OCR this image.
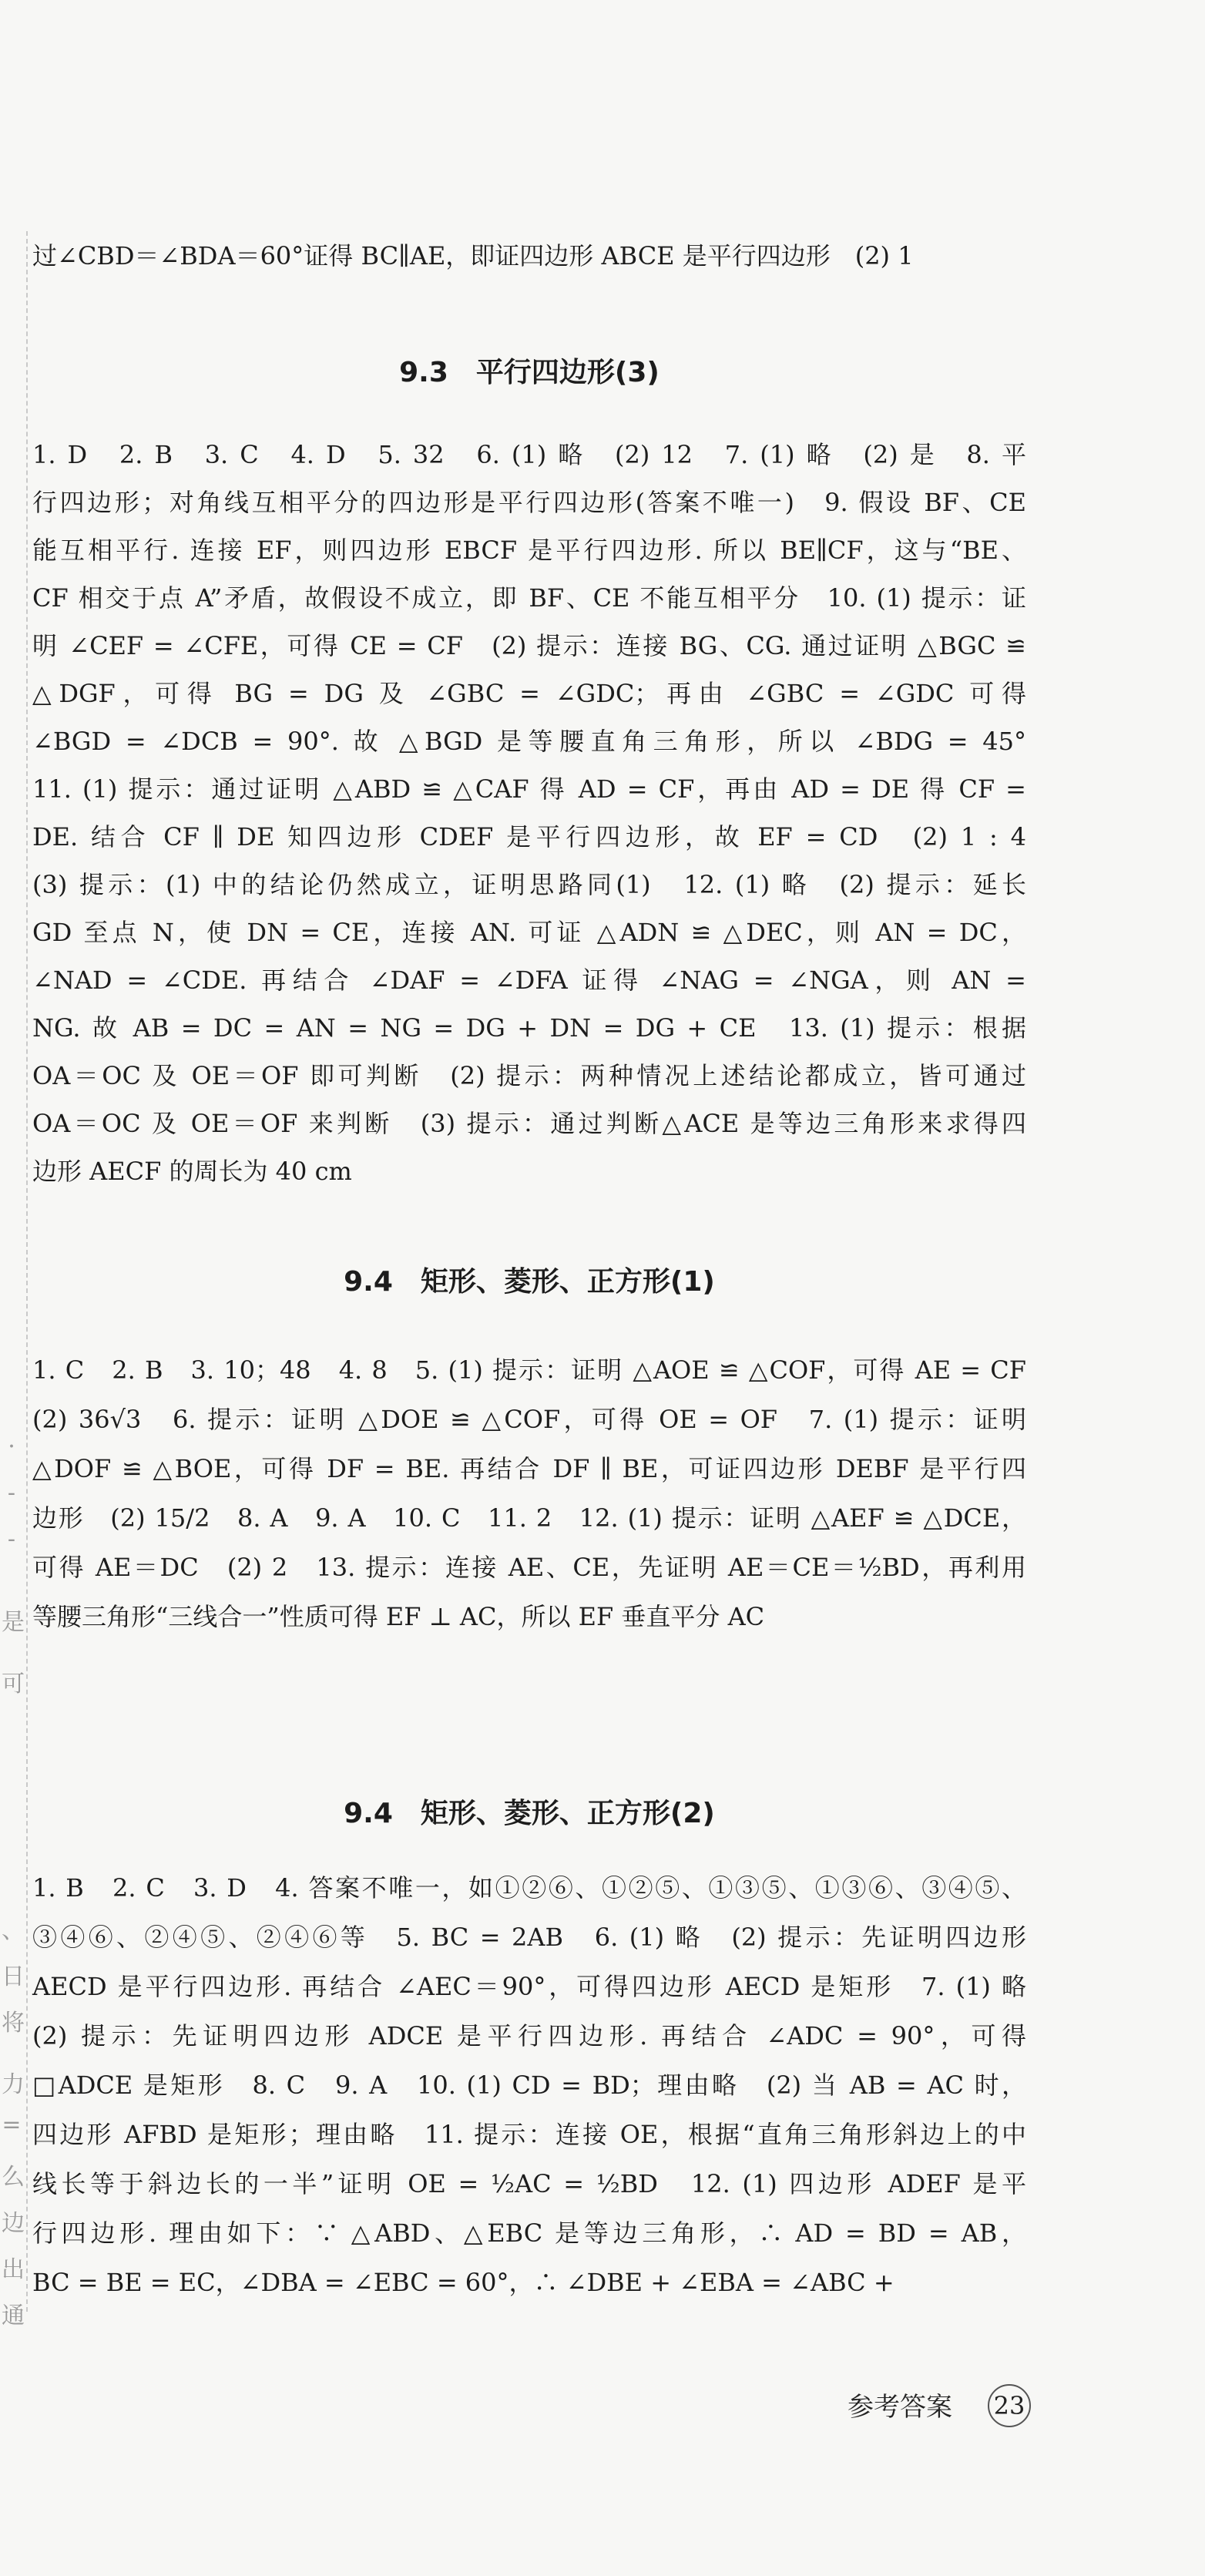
·
-
-
是
可
、
日
将
力
=
么
边
出
通
过∠CBD＝∠BDA＝60°证得 BC∥AE，即证四边形 ABCE 是平行四边形　(2) 1
9.3　平行四边形(3)
1. D　2. B　3. C　4. D　5. 32　6. (1) 略　(2) 12　7. (1) 略　(2) 是　8. 平
行四边形；对角线互相平分的四边形是平行四边形(答案不唯一)　9. 假设 BF、CE
能互相平行. 连接 EF，则四边形 EBCF 是平行四边形. 所以 BE∥CF，这与“BE、
CF 相交于点 A”矛盾，故假设不成立，即 BF、CE 不能互相平分　10. (1) 提示：证
明 ∠CEF = ∠CFE，可得 CE = CF　(2) 提示：连接 BG、CG. 通过证明 △BGC ≌
△DGF，可得 BG = DG 及 ∠GBC = ∠GDC；再由 ∠GBC = ∠GDC 可得
∠BGD = ∠DCB = 90°. 故 △BGD 是等腰直角三角形，所以 ∠BDG = 45°
11. (1) 提示：通过证明 △ABD ≌ △CAF 得 AD = CF，再由 AD = DE 得 CF =
DE. 结合 CF ∥ DE 知四边形 CDEF 是平行四边形，故 EF = CD　(2) 1 : 4
(3) 提示：(1) 中的结论仍然成立，证明思路同(1)　12. (1) 略　(2) 提示：延长
GD 至点 N，使 DN = CE，连接 AN. 可证 △ADN ≌ △DEC，则 AN = DC，
∠NAD = ∠CDE. 再结合 ∠DAF = ∠DFA 证得 ∠NAG = ∠NGA，则 AN =
NG. 故 AB = DC = AN = NG = DG + DN = DG + CE　13. (1) 提示：根据
OA＝OC 及 OE＝OF 即可判断　(2) 提示：两种情况上述结论都成立，皆可通过
OA＝OC 及 OE＝OF 来判断　(3) 提示：通过判断△ACE 是等边三角形来求得四
边形 AECF 的周长为 40 cm
9.4　矩形、菱形、正方形(1)
1. C　2. B　3. 10；48　4. 8　5. (1) 提示：证明 △AOE ≌ △COF，可得 AE = CF
(2) 36√3　6. 提示：证明 △DOE ≌ △COF，可得 OE = OF　7. (1) 提示：证明
△DOF ≌ △BOE，可得 DF = BE. 再结合 DF ∥ BE，可证四边形 DEBF 是平行四
边形　(2) 15/2　8. A　9. A　10. C　11. 2　12. (1) 提示：证明 △AEF ≌ △DCE，
可得 AE＝DC　(2) 2　13. 提示：连接 AE、CE，先证明 AE＝CE＝½BD，再利用
等腰三角形“三线合一”性质可得 EF ⊥ AC，所以 EF 垂直平分 AC
9.4　矩形、菱形、正方形(2)
1. B　2. C　3. D　4. 答案不唯一，如①②⑥、①②⑤、①③⑤、①③⑥、③④⑤、
③④⑥、②④⑤、②④⑥等　5. BC = 2AB　6. (1) 略　(2) 提示：先证明四边形
AECD 是平行四边形. 再结合 ∠AEC＝90°，可得四边形 AECD 是矩形　7. (1) 略
(2) 提示：先证明四边形 ADCE 是平行四边形. 再结合 ∠ADC = 90°，可得
□ADCE 是矩形　8. C　9. A　10. (1) CD = BD；理由略　(2) 当 AB = AC 时，
四边形 AFBD 是矩形；理由略　11. 提示：连接 OE，根据“直角三角形斜边上的中
线长等于斜边长的一半”证明 OE = ½AC = ½BD　12. (1) 四边形 ADEF 是平
行四边形. 理由如下：∵ △ABD、△EBC 是等边三角形，∴ AD = BD = AB，
BC = BE = EC，∠DBA = ∠EBC = 60°，∴ ∠DBE + ∠EBA = ∠ABC +
参考答案 23
